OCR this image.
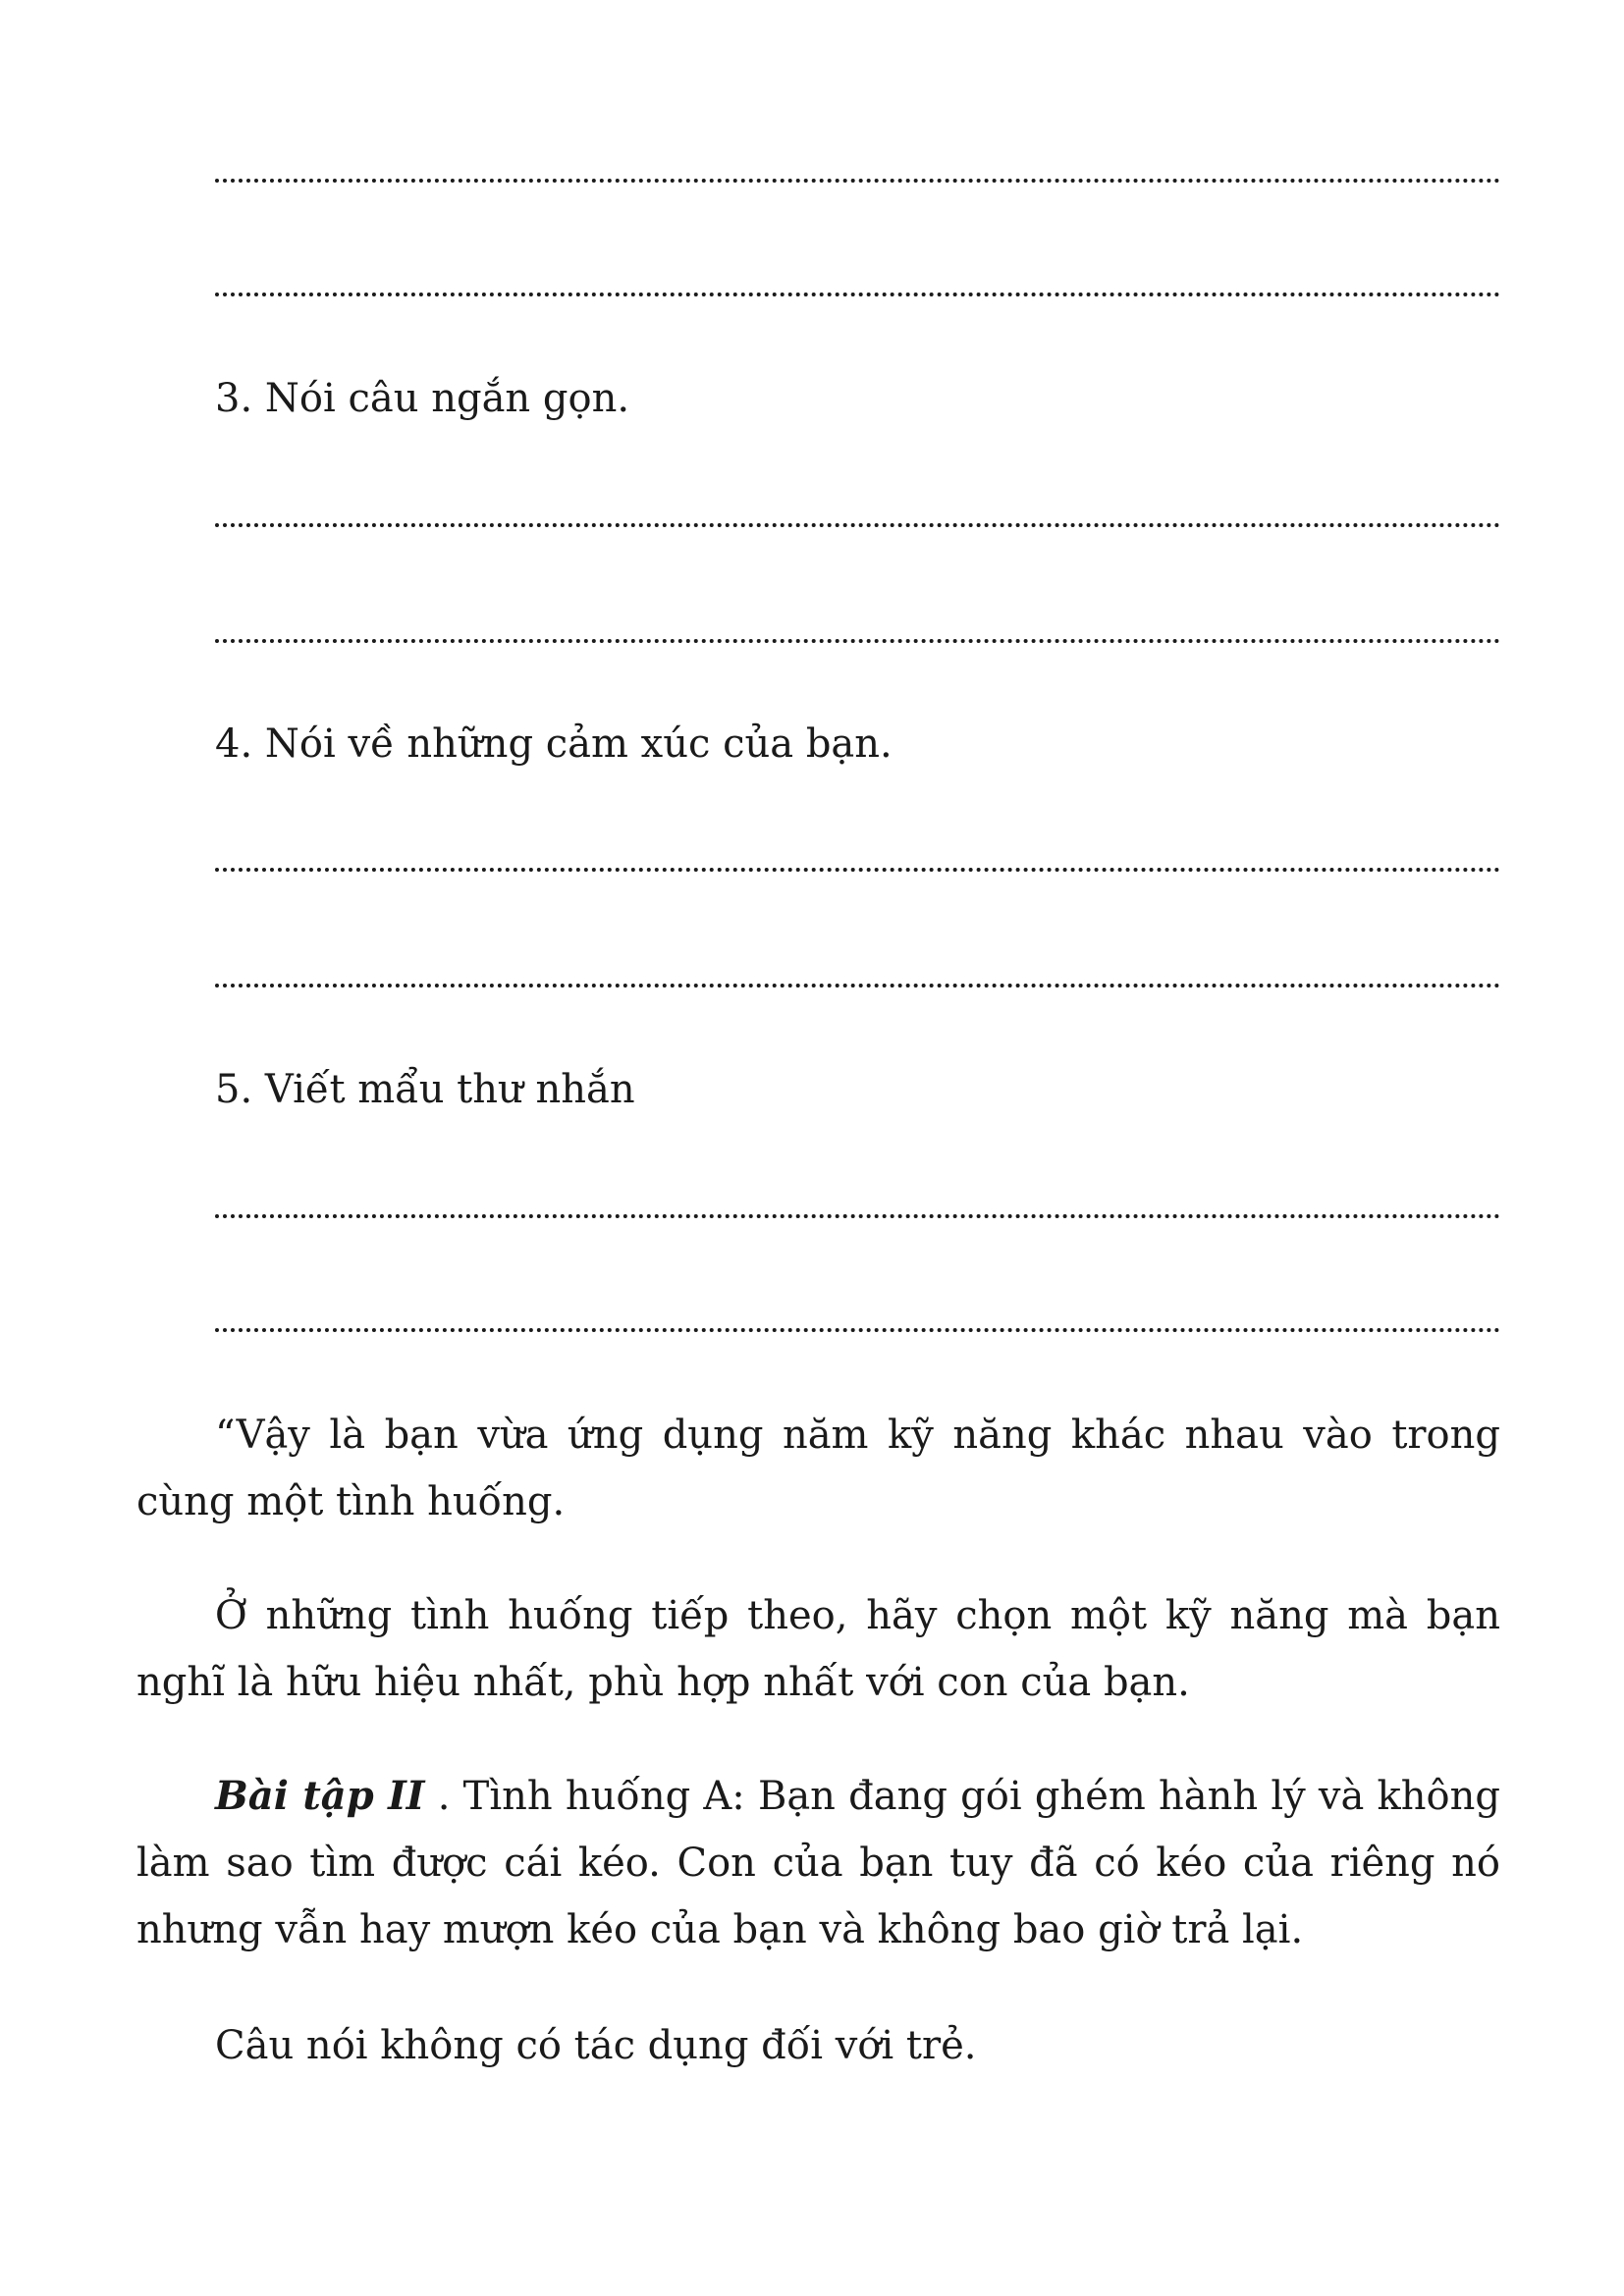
3. Nói câu ngắn gọn.
4. Nói về những cảm xúc của bạn.
5. Viết mẩu thư nhắn
“Vậy là bạn vừa ứng dụng năm kỹ năng khác nhau vào trong cùng một tình huống.
Ở những tình huống tiếp theo, hãy chọn một kỹ năng mà bạn nghĩ là hữu hiệu nhất, phù hợp nhất với con của bạn.
Bài tập II . Tình huống A: Bạn đang gói ghém hành lý và không làm sao tìm được cái kéo. Con của bạn tuy đã có kéo của riêng nó nhưng vẫn hay mượn kéo của bạn và không bao giờ trả lại.
Câu nói không có tác dụng đối với trẻ.
